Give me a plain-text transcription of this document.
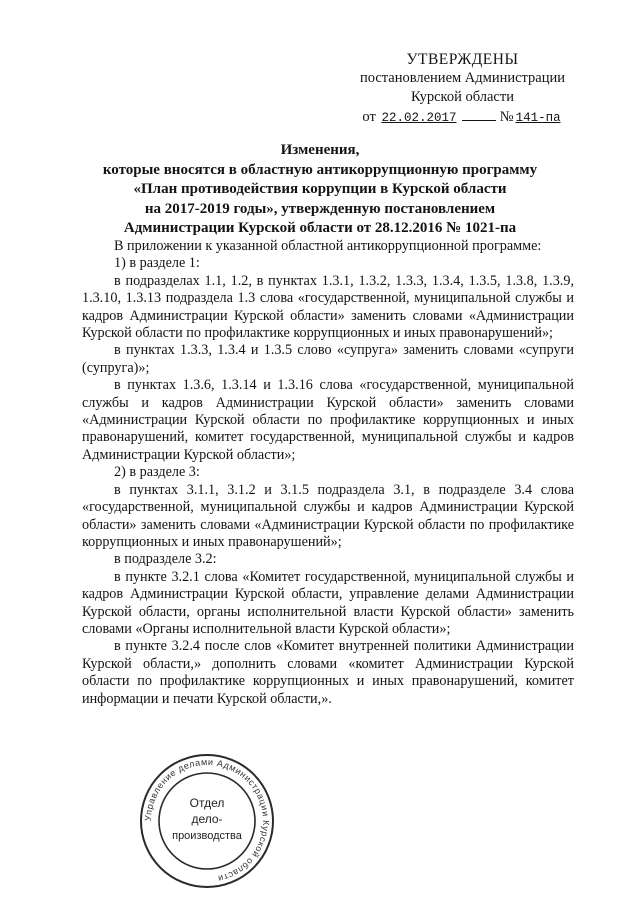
УТВЕРЖДЕНЫ
постановлением Администрации
Курской области
от 22.02.2017	№ 141-па
Изменения,
которые вносятся в областную антикоррупционную программу
«План противодействия коррупции в Курской области
на 2017-2019 годы», утвержденную постановлением
Администрации Курской области от 28.12.2016 № 1021-па

В приложении к указанной областной антикоррупционной программе:

1) в разделе 1:

в подразделах 1.1, 1.2, в пунктах 1.3.1, 1.3.2, 1.3.3, 1.3.4, 1.3.5, 1.3.8, 1.3.9, 1.3.10, 1.3.13 подраздела 1.3 слова «государственной, муниципальной службы и кадров Администрации Курской области» заменить словами «Администрации Курской области по профилактике коррупционных и иных правонарушений»;

в пунктах 1.3.3, 1.3.4 и 1.3.5 слово «супруга» заменить словами «супруги (супруга)»;

в пунктах 1.3.6, 1.3.14 и 1.3.16 слова «государственной, муниципальной службы и кадров Администрации Курской области» заменить словами «Администрации Курской области по профилактике коррупционных и иных правонарушений, комитет государственной, муниципальной службы и кадров Администрации Курской области»;

2) в разделе 3:

в пунктах 3.1.1, 3.1.2 и 3.1.5 подраздела 3.1, в подразделе 3.4 слова «государственной, муниципальной службы и кадров Администрации Курской области» заменить словами «Администрации Курской области по профилактике коррупционных и иных правонарушений»;

в подразделе 3.2:

в пункте 3.2.1 слова «Комитет государственной, муниципальной службы и кадров Администрации Курской области, управление делами Администрации Курской области, органы исполнительной власти Курской области» заменить словами «Органы исполнительной власти Курской области»;

в пункте 3.2.4 после слов «Комитет внутренней политики Администрации Курской области,» дополнить словами «комитет Администрации Курской области по профилактике коррупционных и иных правонарушений, комитет информации и печати Курской области,».

Управление делами Администрации Курской области
Отдел
дело-
производства
